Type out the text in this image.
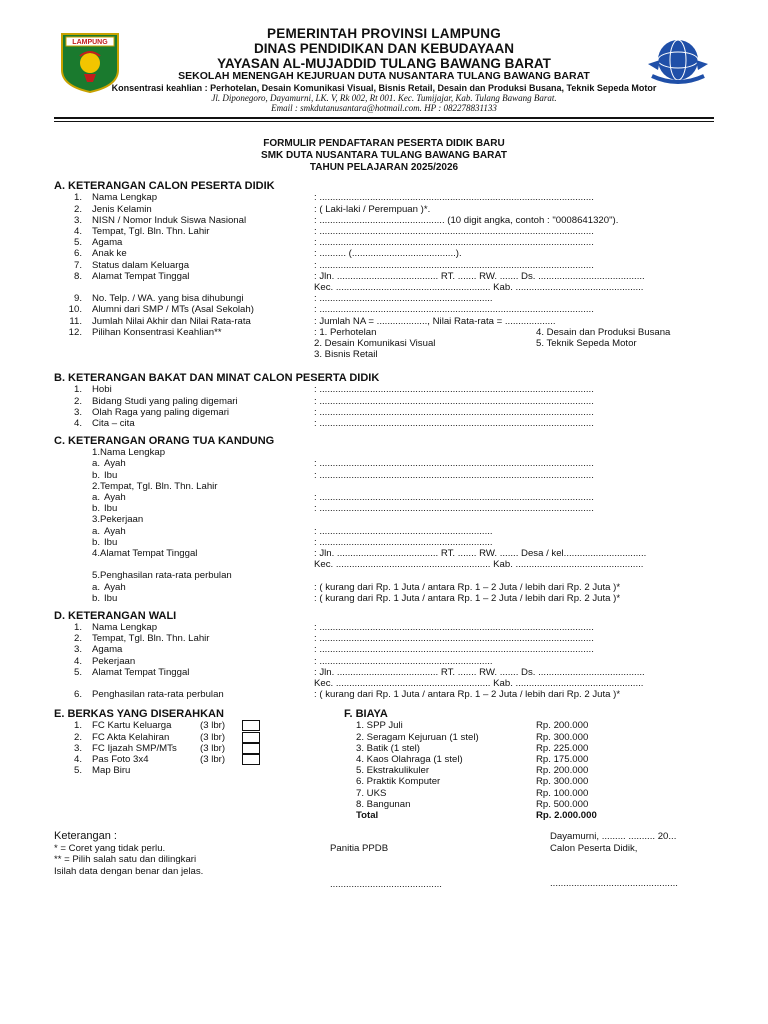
LAMPUNG
PEMERINTAH PROVINSI LAMPUNG
DINAS PENDIDIKAN DAN KEBUDAYAAN
YAYASAN AL-MUJADDID TULANG BAWANG BARAT
SEKOLAH MENENGAH KEJURUAN DUTA NUSANTARA TULANG BAWANG BARAT
Konsentrasi keahlian : Perhotelan, Desain Komunikasi Visual, Bisnis Retail, Desain dan Produksi Busana, Teknik Sepeda Motor
Jl. Diponegoro, Dayamurni, LK. V, Rk 002, Rt 001. Kec. Tumijajar, Kab. Tulang Bawang Barat.
Email : smkdutanusantara@hotmail.com. HP : 082278831133
FORMULIR PENDAFTARAN PESERTA DIDIK BARU
SMK DUTA NUSANTARA TULANG BAWANG BARAT
TAHUN PELAJARAN 2025/2026
A. KETERANGAN CALON PESERTA DIDIK
1.	Nama Lengkap	: .......................................................................................................
2.	Jenis Kelamin	: ( Laki-laki / Perempuan )*.
3.	NISN / Nomor Induk Siswa Nasional	: ............................................... (10 digit angka, contoh : "0008641320").
4.	Tempat, Tgl. Bln. Thn. Lahir	: .......................................................................................................
5.	Agama	: .......................................................................................................
6.	Anak ke	: .......... (.......................................).
7.	Status dalam Keluarga	: .......................................................................................................
8.	Alamat Tempat Tinggal	: Jln. ...................................... RT. ....... RW. ....... Ds. ........................................
Kec. .......................................................... Kab. ................................................
9.	No. Telp. / WA. yang bisa dihubungi	: .................................................................
10.	Alumni dari SMP / MTs (Asal Sekolah)	: .......................................................................................................
11.	Jumlah Nilai Akhir dan Nilai Rata-rata	: Jumlah NA = ..................., Nilai Rata-rata = ...................
12.	Pilihan Konsentrasi Keahlian**	: 1. Perhotelan	4. Desain dan Produksi Busana
2. Desain Komunikasi Visual	5. Teknik Sepeda Motor
3. Bisnis Retail
B. KETERANGAN BAKAT DAN MINAT CALON PESERTA DIDIK
1.	Hobi	: .......................................................................................................
2.	Bidang Studi yang paling digemari	: .......................................................................................................
3.	Olah Raga yang paling digemari	: .......................................................................................................
4.	Cita – cita	: .......................................................................................................
C. KETERANGAN ORANG TUA KANDUNG
1.Nama Lengkap
a. Ayah	: .......................................................................................................
b. Ibu	: .......................................................................................................
2.Tempat, Tgl. Bln. Thn. Lahir
a. Ayah	: .......................................................................................................
b. Ibu	: .......................................................................................................
3.Pekerjaan
a. Ayah	: .................................................................
b. Ibu	: .................................................................
4.Alamat Tempat Tinggal	: Jln. ...................................... RT. ....... RW. ....... Desa / kel...............................
Kec. .......................................................... Kab. ................................................
5.Penghasilan rata-rata perbulan
a. Ayah	: ( kurang dari Rp. 1 Juta / antara Rp. 1 – 2 Juta / lebih dari Rp. 2 Juta )*
b. Ibu	: ( kurang dari Rp. 1 Juta / antara Rp. 1 – 2 Juta / lebih dari Rp. 2 Juta )*
D. KETERANGAN WALI
1.	Nama Lengkap	: .......................................................................................................
2.	Tempat, Tgl. Bln. Thn. Lahir	: .......................................................................................................
3.	Agama	: .......................................................................................................
4.	Pekerjaan	: .................................................................
5.	Alamat Tempat Tinggal	: Jln. ...................................... RT. ....... RW. ....... Ds. ........................................
Kec. .......................................................... Kab. ................................................
6.	Penghasilan rata-rata perbulan	: ( kurang dari Rp. 1 Juta / antara Rp. 1 – 2 Juta / lebih dari Rp. 2 Juta )*
E. BERKAS YANG DISERAHKAN
1.	FC Kartu Keluarga	(3 lbr)
2.	FC Akta Kelahiran	(3 lbr)
3.	FC Ijazah SMP/MTs	(3 lbr)
4.	Pas Foto 3x4	(3 lbr)
5.	Map Biru
F. BIAYA
1. SPP Juli	Rp. 200.000
2. Seragam Kejuruan (1 stel)	Rp. 300.000
3. Batik (1 stel)	Rp. 225.000
4. Kaos Olahraga (1 stel)	Rp. 175.000
5. Ekstrakulikuler	Rp. 200.000
6. Praktik Komputer	Rp. 300.000
7. UKS	Rp. 100.000
8. Bangunan	Rp. 500.000
Total	Rp. 2.000.000
Keterangan :
* = Coret yang tidak perlu.
** = Pilih salah satu dan dilingkari
Isilah data dengan benar dan jelas.
Panitia PPDB
..........................................
Dayamurni, ......... .......... 20...
Calon Peserta Didik,
................................................
